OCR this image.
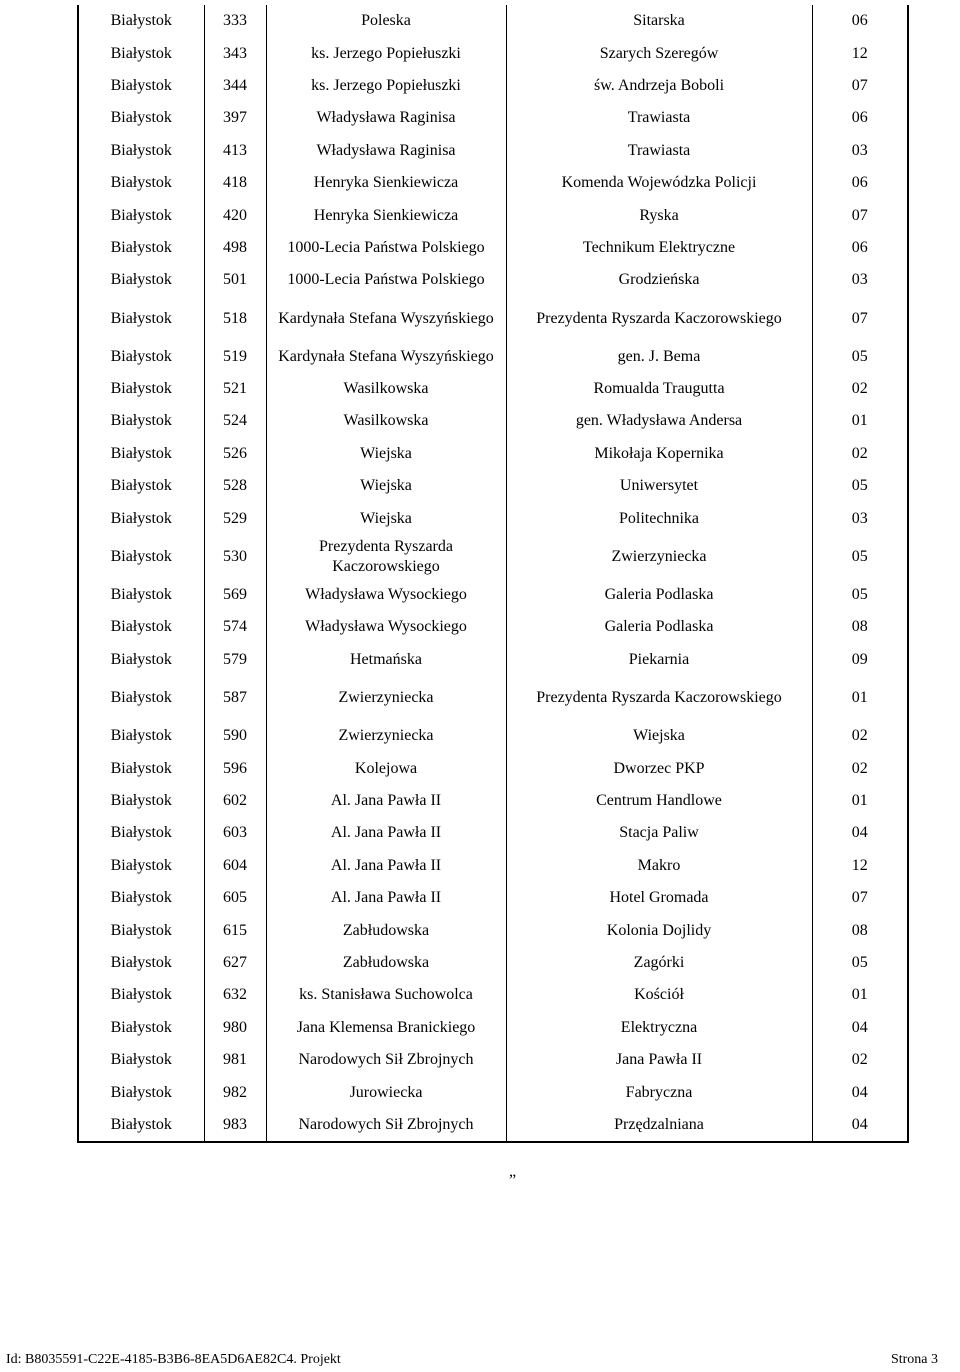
Białystok	333	Poleska	Sitarska	06
Białystok	343	ks. Jerzego Popiełuszki	Szarych Szeregów	12
Białystok	344	ks. Jerzego Popiełuszki	św. Andrzeja Boboli	07
Białystok	397	Władysława Raginisa	Trawiasta	06
Białystok	413	Władysława Raginisa	Trawiasta	03
Białystok	418	Henryka Sienkiewicza	Komenda Wojewódzka Policji	06
Białystok	420	Henryka Sienkiewicza	Ryska	07
Białystok	498	1000-Lecia Państwa Polskiego	Technikum Elektryczne	06
Białystok	501	1000-Lecia Państwa Polskiego	Grodzieńska	03
Białystok	518	Kardynała Stefana Wyszyńskiego	Prezydenta Ryszarda Kaczorowskiego	07
Białystok	519	Kardynała Stefana Wyszyńskiego	gen. J. Bema	05
Białystok	521	Wasilkowska	Romualda Traugutta	02
Białystok	524	Wasilkowska	gen. Władysława Andersa	01
Białystok	526	Wiejska	Mikołaja Kopernika	02
Białystok	528	Wiejska	Uniwersytet	05
Białystok	529	Wiejska	Politechnika	03
Białystok	530	Prezydenta Ryszarda Kaczorowskiego	Zwierzyniecka	05
Białystok	569	Władysława Wysockiego	Galeria Podlaska	05
Białystok	574	Władysława Wysockiego	Galeria Podlaska	08
Białystok	579	Hetmańska	Piekarnia	09
Białystok	587	Zwierzyniecka	Prezydenta Ryszarda Kaczorowskiego	01
Białystok	590	Zwierzyniecka	Wiejska	02
Białystok	596	Kolejowa	Dworzec PKP	02
Białystok	602	Al. Jana Pawła II	Centrum Handlowe	01
Białystok	603	Al. Jana Pawła II	Stacja Paliw	04
Białystok	604	Al. Jana Pawła II	Makro	12
Białystok	605	Al. Jana Pawła II	Hotel Gromada	07
Białystok	615	Zabłudowska	Kolonia Dojlidy	08
Białystok	627	Zabłudowska	Zagórki	05
Białystok	632	ks. Stanisława Suchowolca	Kościół	01
Białystok	980	Jana Klemensa Branickiego	Elektryczna	04
Białystok	981	Narodowych Sił Zbrojnych	Jana Pawła II	02
Białystok	982	Jurowiecka	Fabryczna	04
Białystok	983	Narodowych Sił Zbrojnych	Przędzalniana	04
”
Id: B8035591-C22E-4185-B3B6-8EA5D6AE82C4. Projekt	Strona 3
